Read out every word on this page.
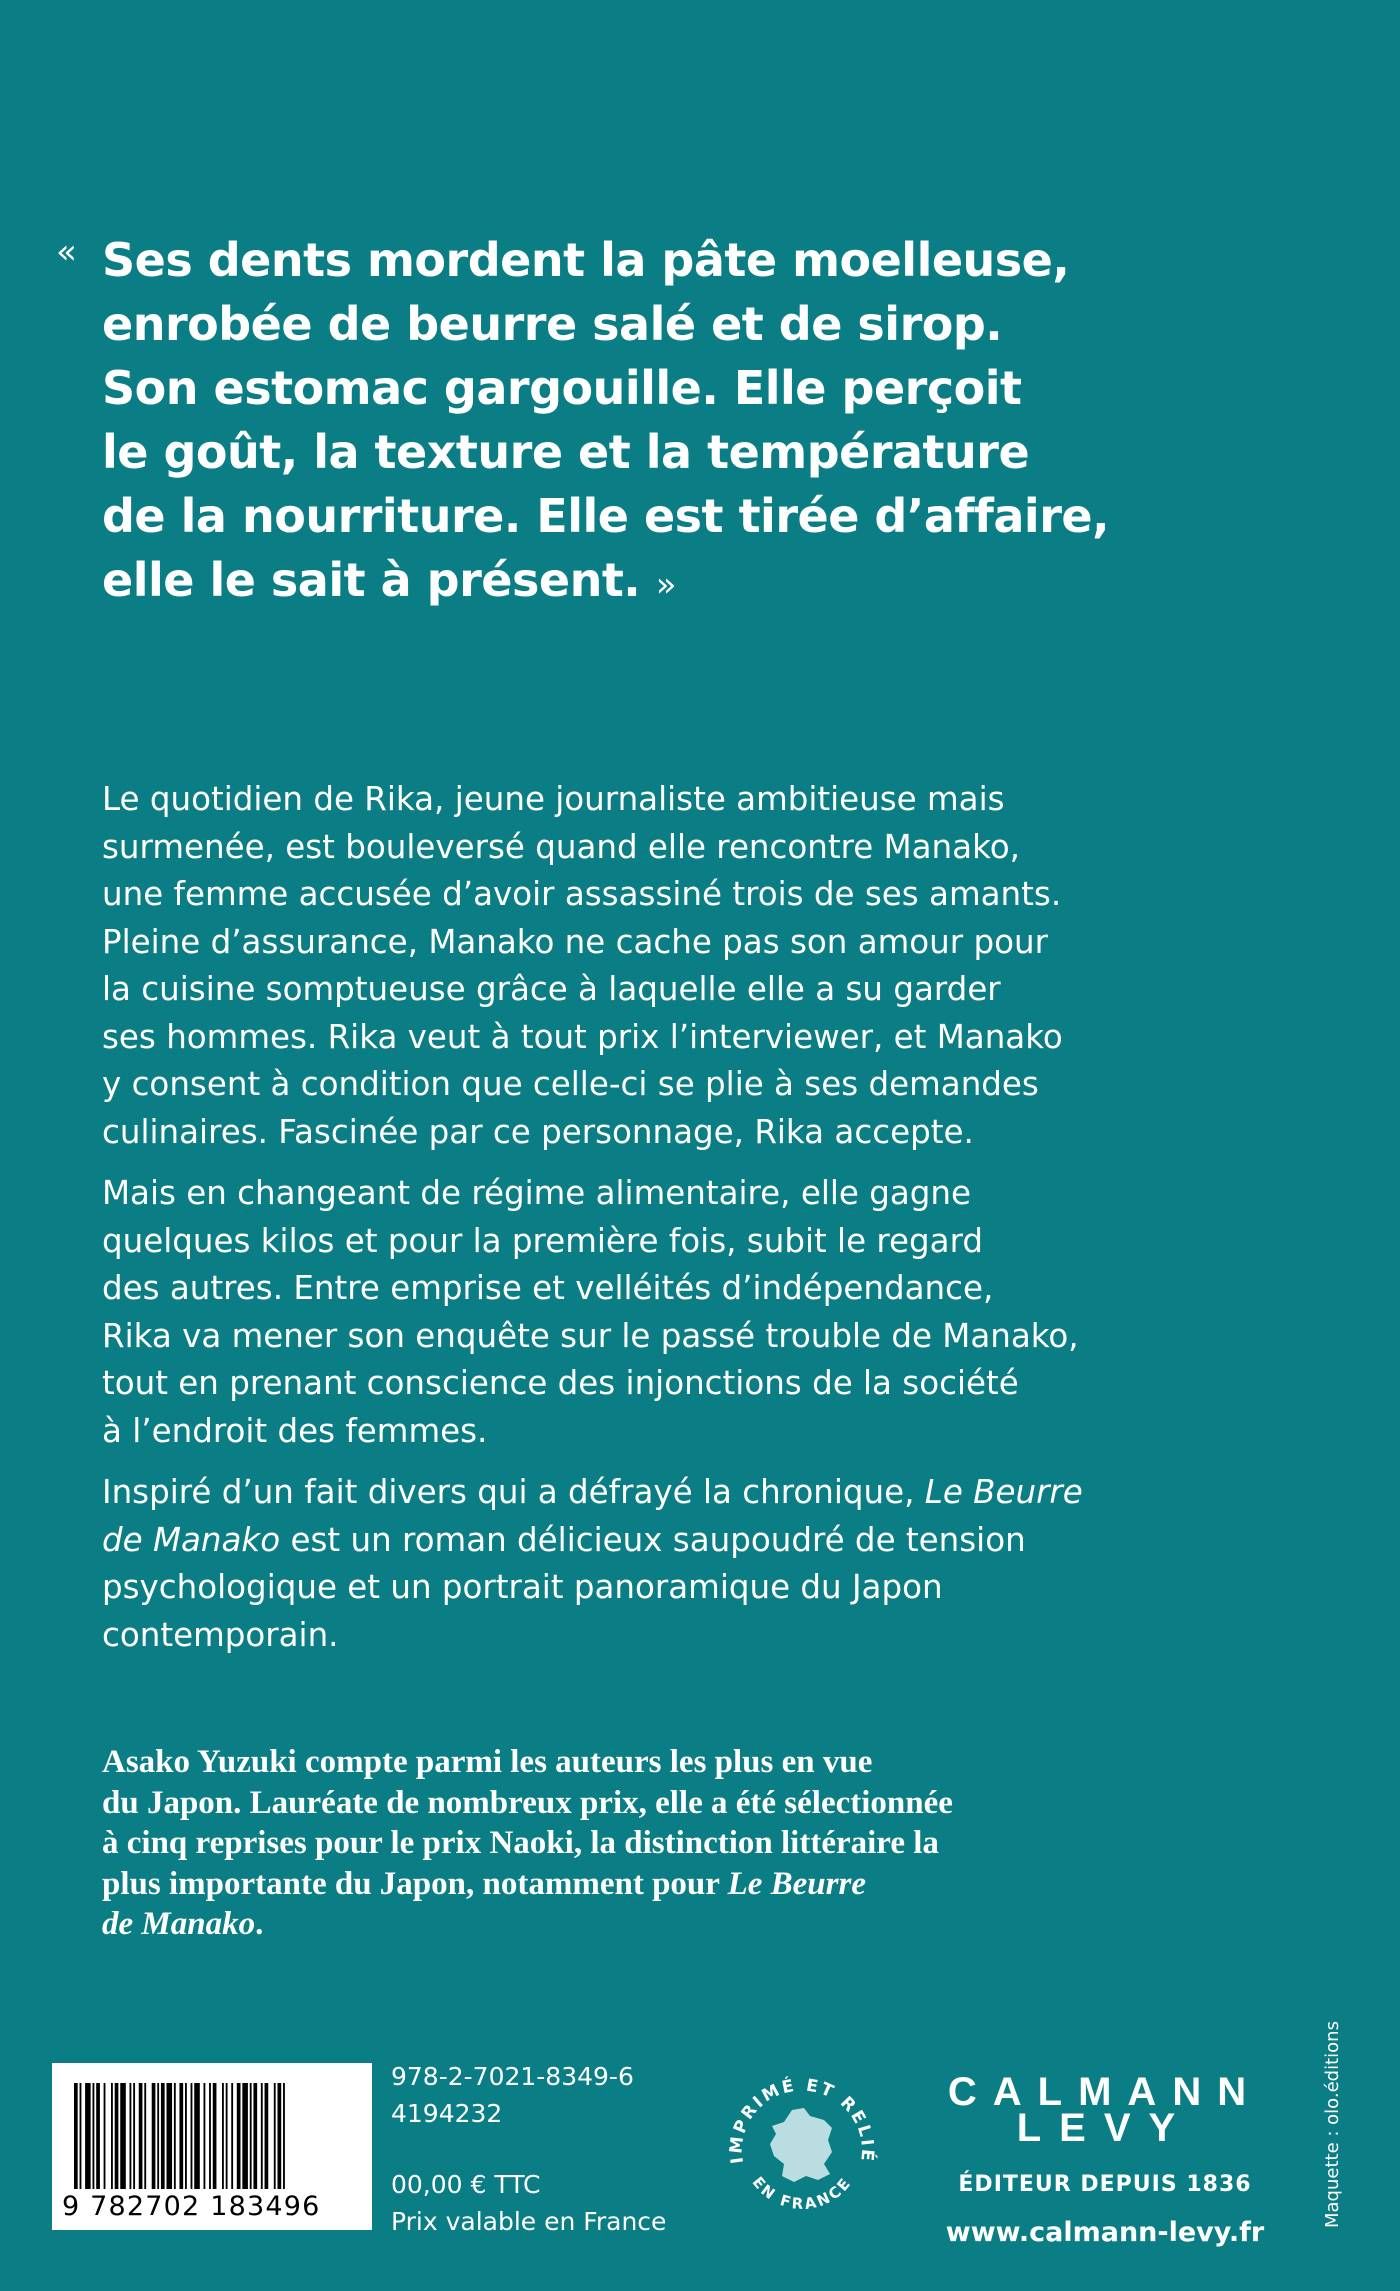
« Ses dents mordent la pâte moelleuse,
enrobée de beurre salé et de sirop.
Son estomac gargouille. Elle perçoit
le goût, la texture et la température
de la nourriture. Elle est tirée d’affaire,
elle le sait à présent. »

Le quotidien de Rika, jeune journaliste ambitieuse mais
surmenée, est bouleversé quand elle rencontre Manako,
une femme accusée d’avoir assassiné trois de ses amants.
Pleine d’assurance, Manako ne cache pas son amour pour
la cuisine somptueuse grâce à laquelle elle a su garder
ses hommes. Rika veut à tout prix l’interviewer, et Manako
y consent à condition que celle-ci se plie à ses demandes
culinaires. Fascinée par ce personnage, Rika accepte.

Mais en changeant de régime alimentaire, elle gagne
quelques kilos et pour la première fois, subit le regard
des autres. Entre emprise et velléités d’indépendance,
Rika va mener son enquête sur le passé trouble de Manako,
tout en prenant conscience des injonctions de la société
à l’endroit des femmes.

Inspiré d’un fait divers qui a défrayé la chronique, Le Beurre
de Manako est un roman délicieux saupoudré de tension
psychologique et un portrait panoramique du Japon
contemporain.

Asako Yuzuki compte parmi les auteurs les plus en vue
du Japon. Lauréate de nombreux prix, elle a été sélectionnée
à cinq reprises pour le prix Naoki, la distinction littéraire la
plus importante du Japon, notamment pour Le Beurre
de Manako.
9 782702 183496
978-2-7021-8349-6
4194232
00,00 € TTC
Prix valable en France
IMPRIMÉ ET RELIÉ
EN FRANCE
CALMANN
LEVY
ÉDITEUR DEPUIS 1836
www.calmann-levy.fr
Maquette : olo.éditions
